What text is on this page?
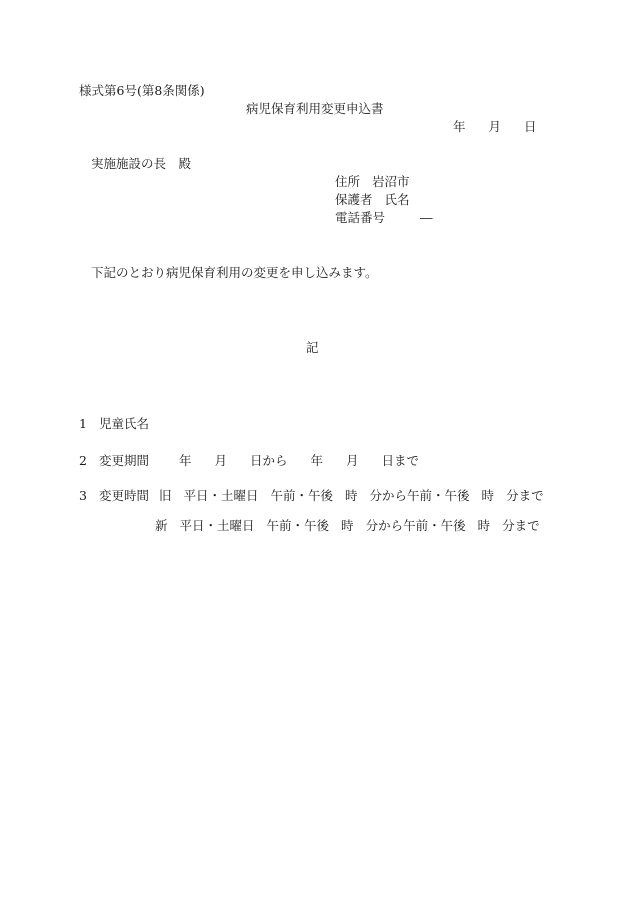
様式第6号(第8条関係)
病児保育利用変更申込書
年 月 日
実施施設の長　殿
住所 岩沼市
保護者 氏名
電話番号	―
下記のとおり病児保育利用の変更を申し込みます。
記
1 児童氏名
2 変更期間 年 月 日から 年 月 日まで
3 変更時間 旧 平日・土曜日 午前・午後 時 分から午前・午後 時 分まで
新 平日・土曜日 午前・午後 時 分から午前・午後 時 分まで
